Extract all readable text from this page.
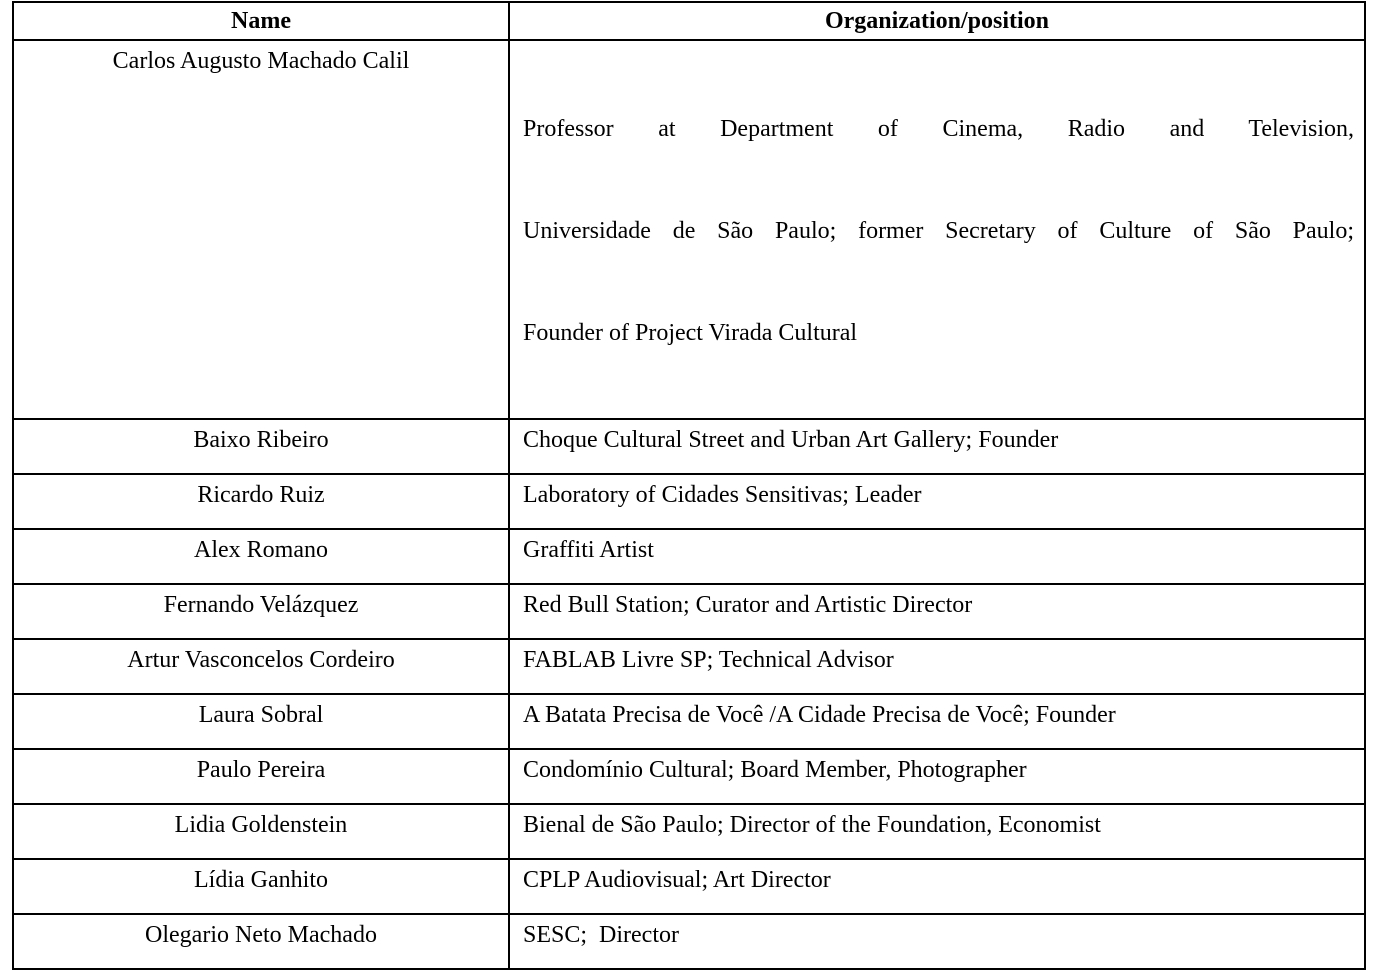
Name	Organization/position
Carlos Augusto Machado Calil	Professor at Department of Cinema, Radio and Television,

Universidade de São Paulo; former Secretary of Culture of São Paulo;

Founder of Project Virada Cultural

Baixo Ribeiro	Choque Cultural Street and Urban Art Gallery; Founder
Ricardo Ruiz	Laboratory of Cidades Sensitivas; Leader
Alex Romano	Graffiti Artist
Fernando Velázquez	Red Bull Station; Curator and Artistic Director
Artur Vasconcelos Cordeiro	FABLAB Livre SP; Technical Advisor
Laura Sobral	A Batata Precisa de Você /A Cidade Precisa de Você; Founder
Paulo Pereira	Condomínio Cultural; Board Member, Photographer
Lidia Goldenstein	Bienal de São Paulo; Director of the Foundation, Economist
Lídia Ganhito	CPLP Audiovisual; Art Director
Olegario Neto Machado	SESC;  Director
